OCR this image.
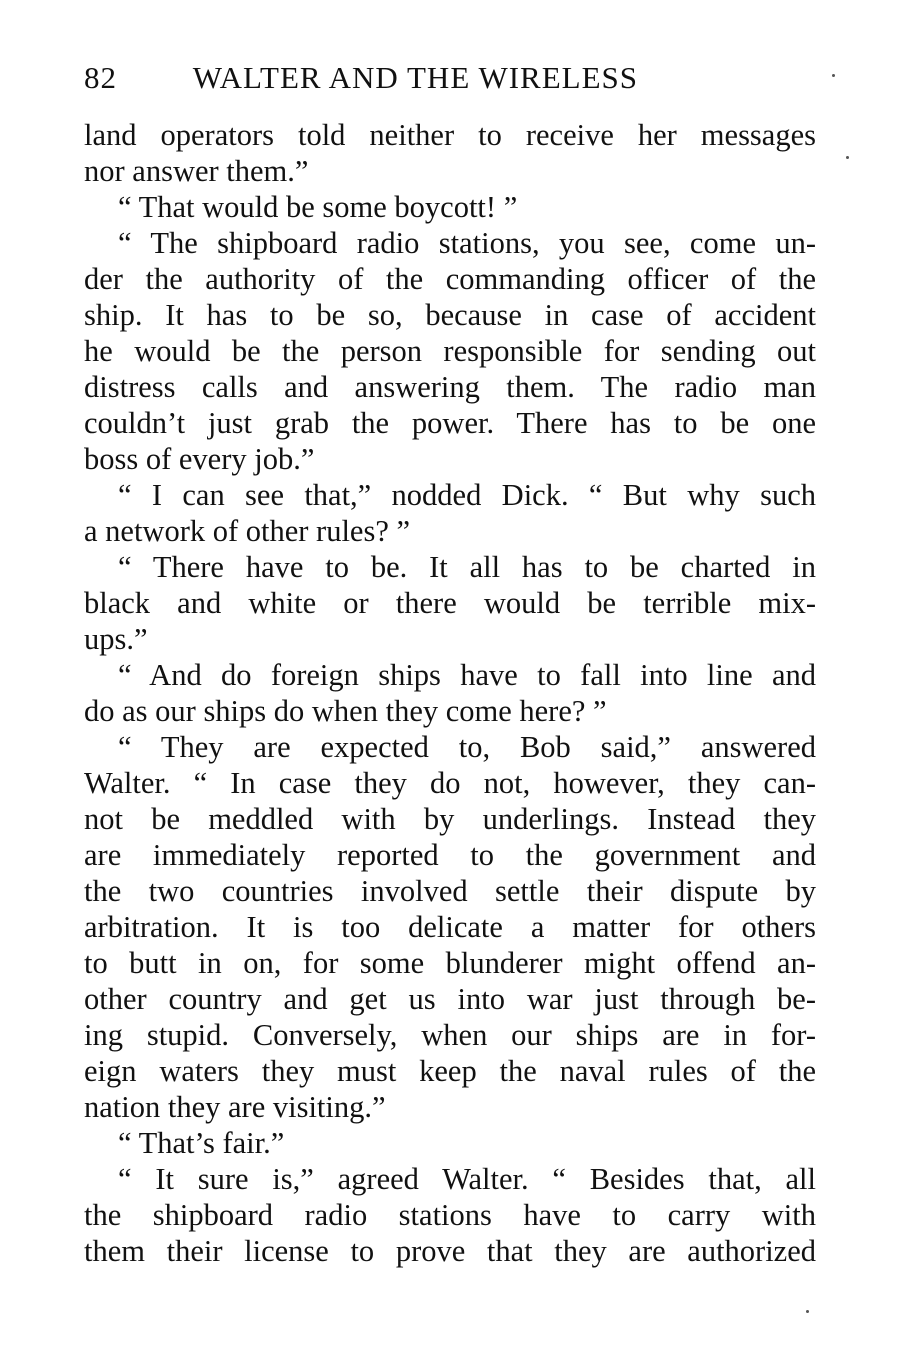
82 WALTER AND THE WIRELESS
land operators told neither to receive her messages
nor answer them.”
“ That would be some boycott! ”
“ The shipboard radio stations, you see, come un-
der the authority of the commanding officer of the
ship. It has to be so, because in case of accident
he would be the person responsible for sending out
distress calls and answering them. The radio man
couldn’t just grab the power. There has to be one
boss of every job.”
“ I can see that,” nodded Dick. “ But why such
a network of other rules? ”
“ There have to be. It all has to be charted in
black and white or there would be terrible mix-
ups.”
“ And do foreign ships have to fall into line and
do as our ships do when they come here? ”
“ They are expected to, Bob said,” answered
Walter. “ In case they do not, however, they can-
not be meddled with by underlings. Instead they
are immediately reported to the government and
the two countries involved settle their dispute by
arbitration. It is too delicate a matter for others
to butt in on, for some blunderer might offend an-
other country and get us into war just through be-
ing stupid. Conversely, when our ships are in for-
eign waters they must keep the naval rules of the
nation they are visiting.”
“ That’s fair.”
“ It sure is,” agreed Walter. “ Besides that, all
the shipboard radio stations have to carry with
them their license to prove that they are authorized
